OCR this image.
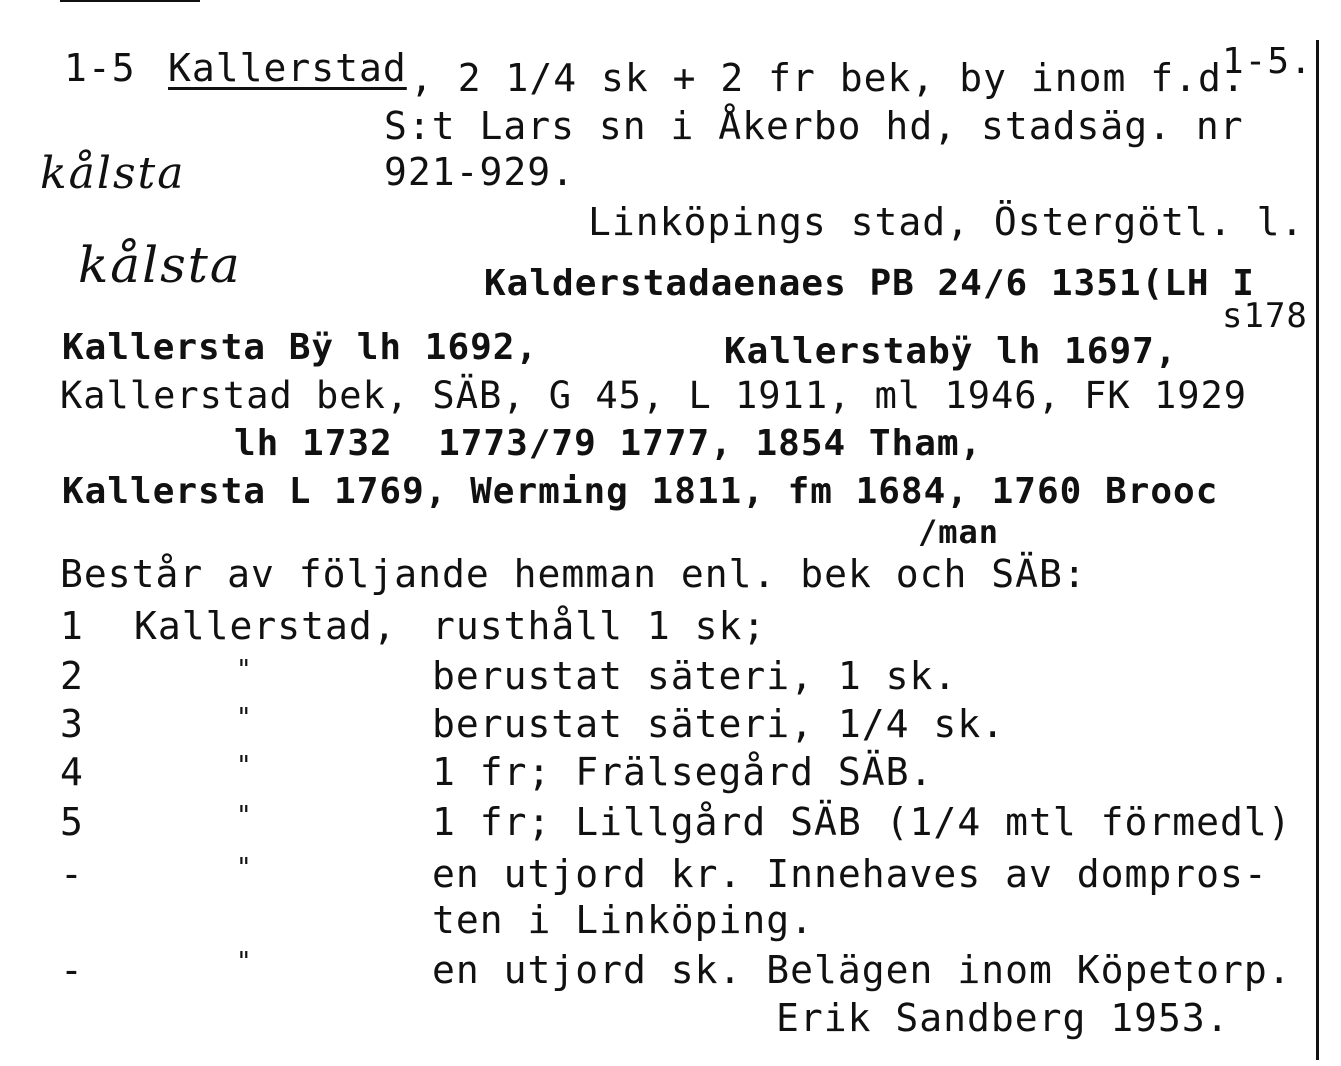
1-5.
1-5 Kallerstad , 2 1/4 sk + 2 fr bek, by inom f.d.
S:t Lars sn i Åkerbo hd, stadsäg. nr
921-929.
kålsta
Linköpings stad, Östergötl. l.
kålsta	Kalderstadaenaes PB 24/6 1351(LH I
s178
Kallersta Bÿ lh 1692,	Kallerstabÿ lh 1697,
Kallerstad bek, SÄB, G 45, L 1911, ml 1946, FK 1929
lh 1732  1773/79 1777, 1854 Tham,
Kallersta L 1769, Werming 1811, fm 1684, 1760 Brooc
/man
Består av följande hemman enl. bek och SÄB:
1 Kallerstad, rusthåll 1 sk;
2	"	berustat säteri, 1 sk.
3	"	berustat säteri, 1/4 sk.
4	"	1 fr; Frälsegård SÄB.
5	"	1 fr; Lillgård SÄB (1/4 mtl förmedl)
-	"	en utjord kr. Innehaves av dompros-
ten i Linköping.
-	"	en utjord sk. Belägen inom Köpetorp.
Erik Sandberg 1953.
